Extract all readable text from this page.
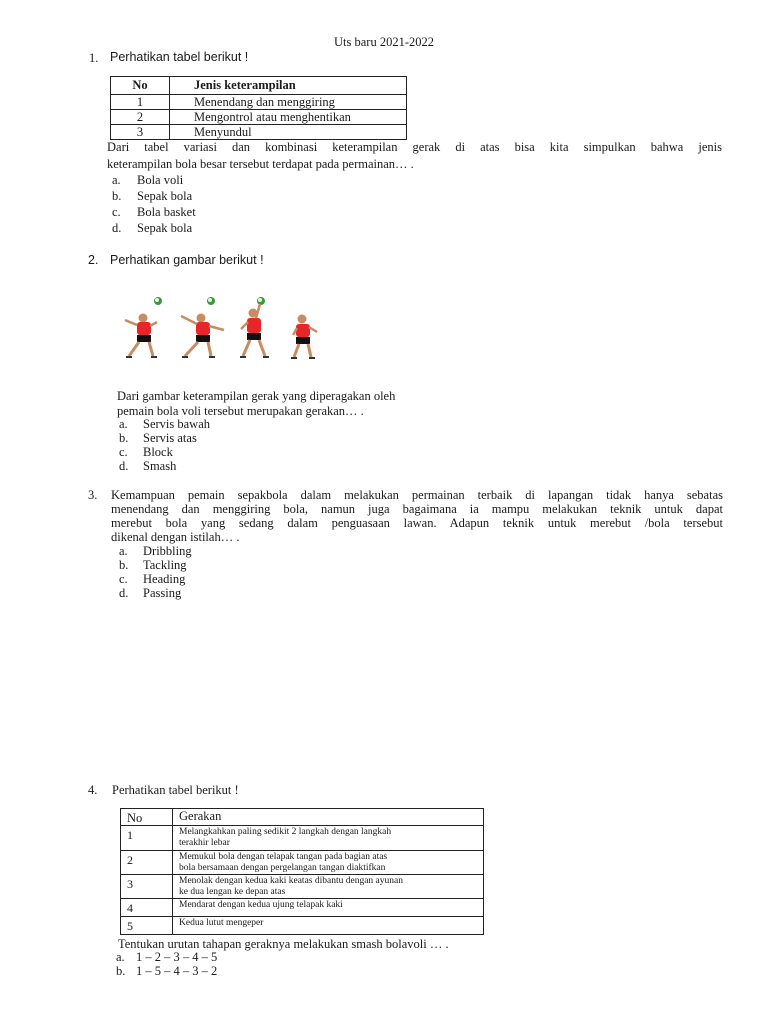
Uts baru 2021-2022
1. Perhatikan tabel berikut !
No	Jenis keterampilan
1	Menendang dan menggiring
2	Mengontrol atau menghentikan
3	Menyundul
Dari tabel variasi dan kombinasi keterampilan gerak di atas bisa kita simpulkan bahwa jenis
keterampilan bola besar tersebut terdapat pada permainan… .
a. Bola voli
b. Sepak bola
c. Bola basket
d. Sepak bola
2. Perhatikan gambar berikut !
Dari gambar keterampilan gerak yang diperagakan oleh
pemain bola voli tersebut merupakan gerakan… .
a. Servis bawah
b. Servis atas
c. Block
d. Smash
3. Kemampuan pemain sepakbola dalam melakukan permainan terbaik di lapangan tidak hanya sebatas
menendang dan menggiring bola, namun juga bagaimana ia mampu melakukan teknik untuk dapat
merebut bola yang sedang dalam penguasaan lawan. Adapun teknik untuk merebut /bola tersebut
dikenal dengan istilah… .
a. Dribbling
b. Tackling
c. Heading
d. Passing
4. Perhatikan tabel berikut !
No	Gerakan
1	Melangkahkan paling sedikit 2 langkah dengan langkah
terakhir lebar

2	Memukul bola dengan telapak tangan pada bagian atas
bola bersamaan dengan pergelangan tangan diaktifkan

3	Menolak dengan kedua kaki keatas dibantu dengan ayunan
ke dua lengan ke depan atas

4	Mendarat dengan kedua ujung telapak kaki

5	Kedua lutut mengeper
Tentukan urutan tahapan geraknya melakukan smash bolavoli … .
a. 1 – 2 – 3 – 4 – 5
b. 1 – 5 – 4 – 3 – 2
